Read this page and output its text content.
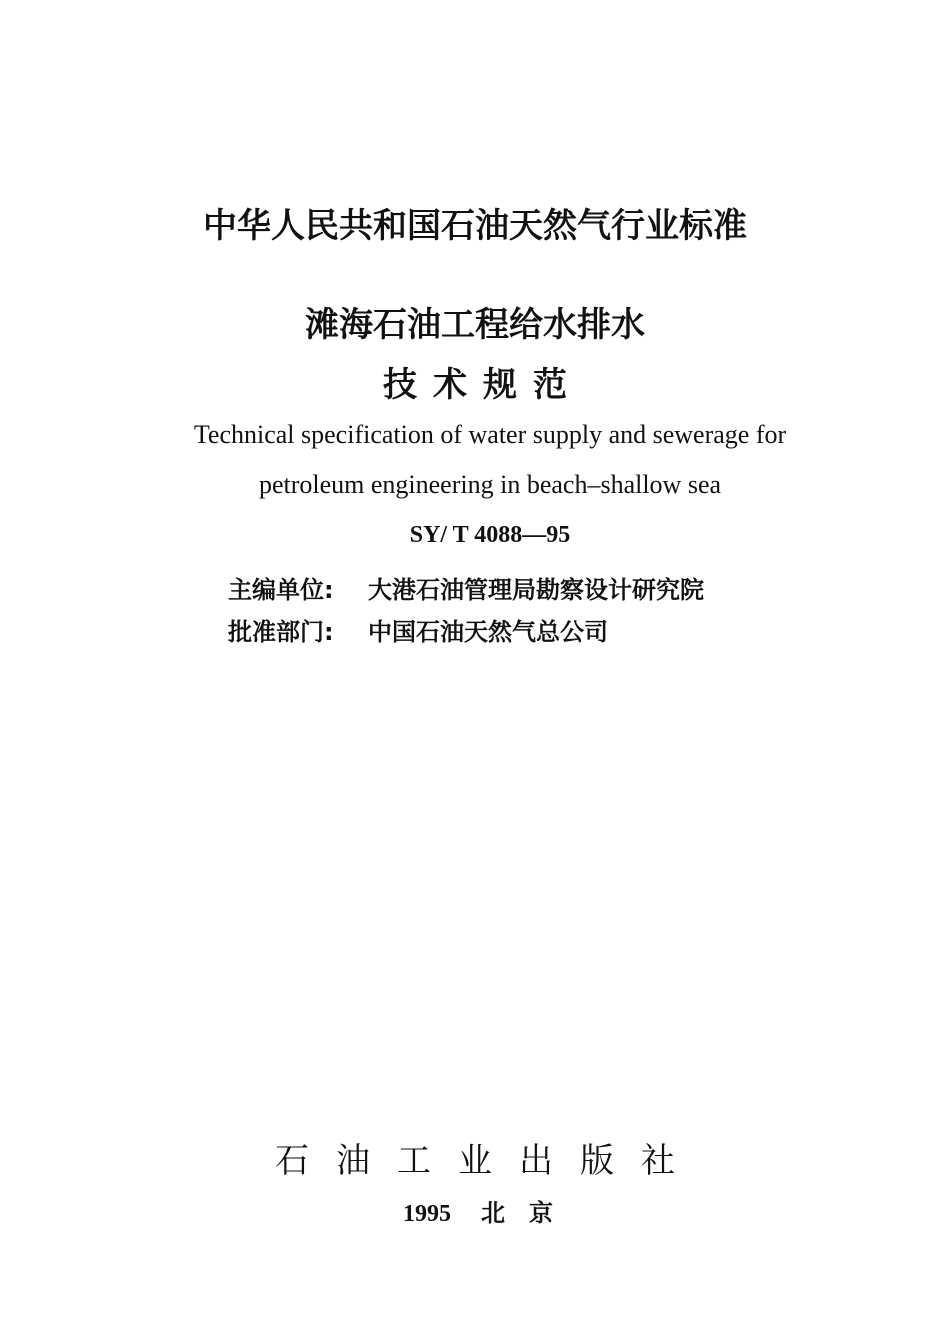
中华人民共和国石油天然气行业标准
滩海石油工程给水排水
技术规范
Technical specification of water supply and sewerage for
petroleum engineering in beach–shallow sea
SY/ T 4088—95
主编单位:	大港石油管理局勘察设计研究院
批准部门:	中国石油天然气总公司
石油工业出版社
1995 北京
